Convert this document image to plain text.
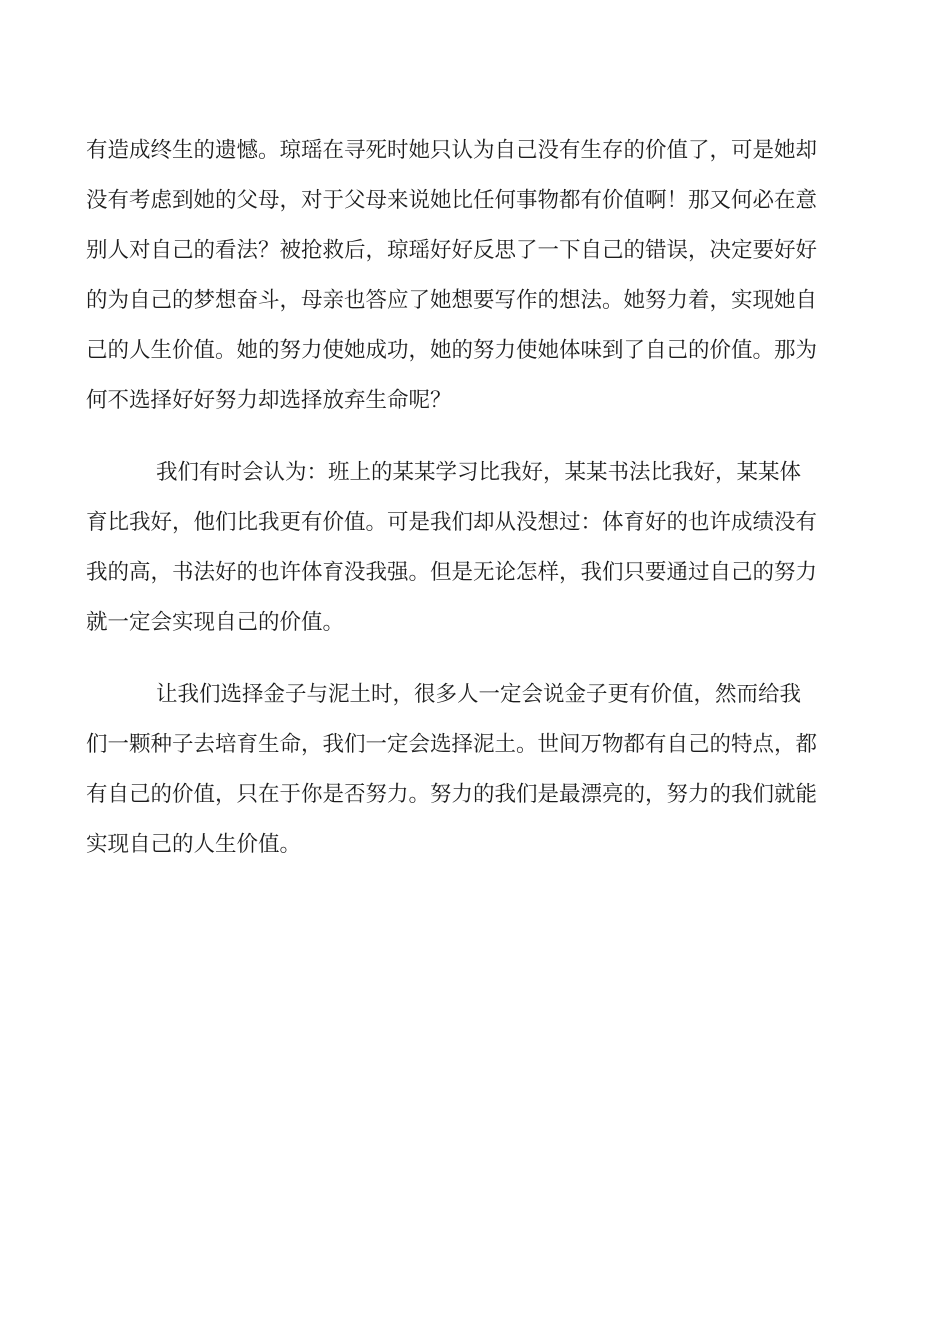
有造成终生的遗憾。琼瑶在寻死时她只认为自己没有生存的价值了，可是她却
没有考虑到她的父母，对于父母来说她比任何事物都有价值啊！那又何必在意
别人对自己的看法？被抢救后，琼瑶好好反思了一下自己的错误，决定要好好
的为自己的梦想奋斗，母亲也答应了她想要写作的想法。她努力着，实现她自
己的人生价值。她的努力使她成功，她的努力使她体味到了自己的价值。那为
何不选择好好努力却选择放弃生命呢？

我们有时会认为：班上的某某学习比我好，某某书法比我好，某某体
育比我好，他们比我更有价值。可是我们却从没想过：体育好的也许成绩没有
我的高，书法好的也许体育没我强。但是无论怎样，我们只要通过自己的努力
就一定会实现自己的价值。

让我们选择金子与泥土时，很多人一定会说金子更有价值，然而给我
们一颗种子去培育生命，我们一定会选择泥土。世间万物都有自己的特点，都
有自己的价值，只在于你是否努力。努力的我们是最漂亮的，努力的我们就能
实现自己的人生价值。
